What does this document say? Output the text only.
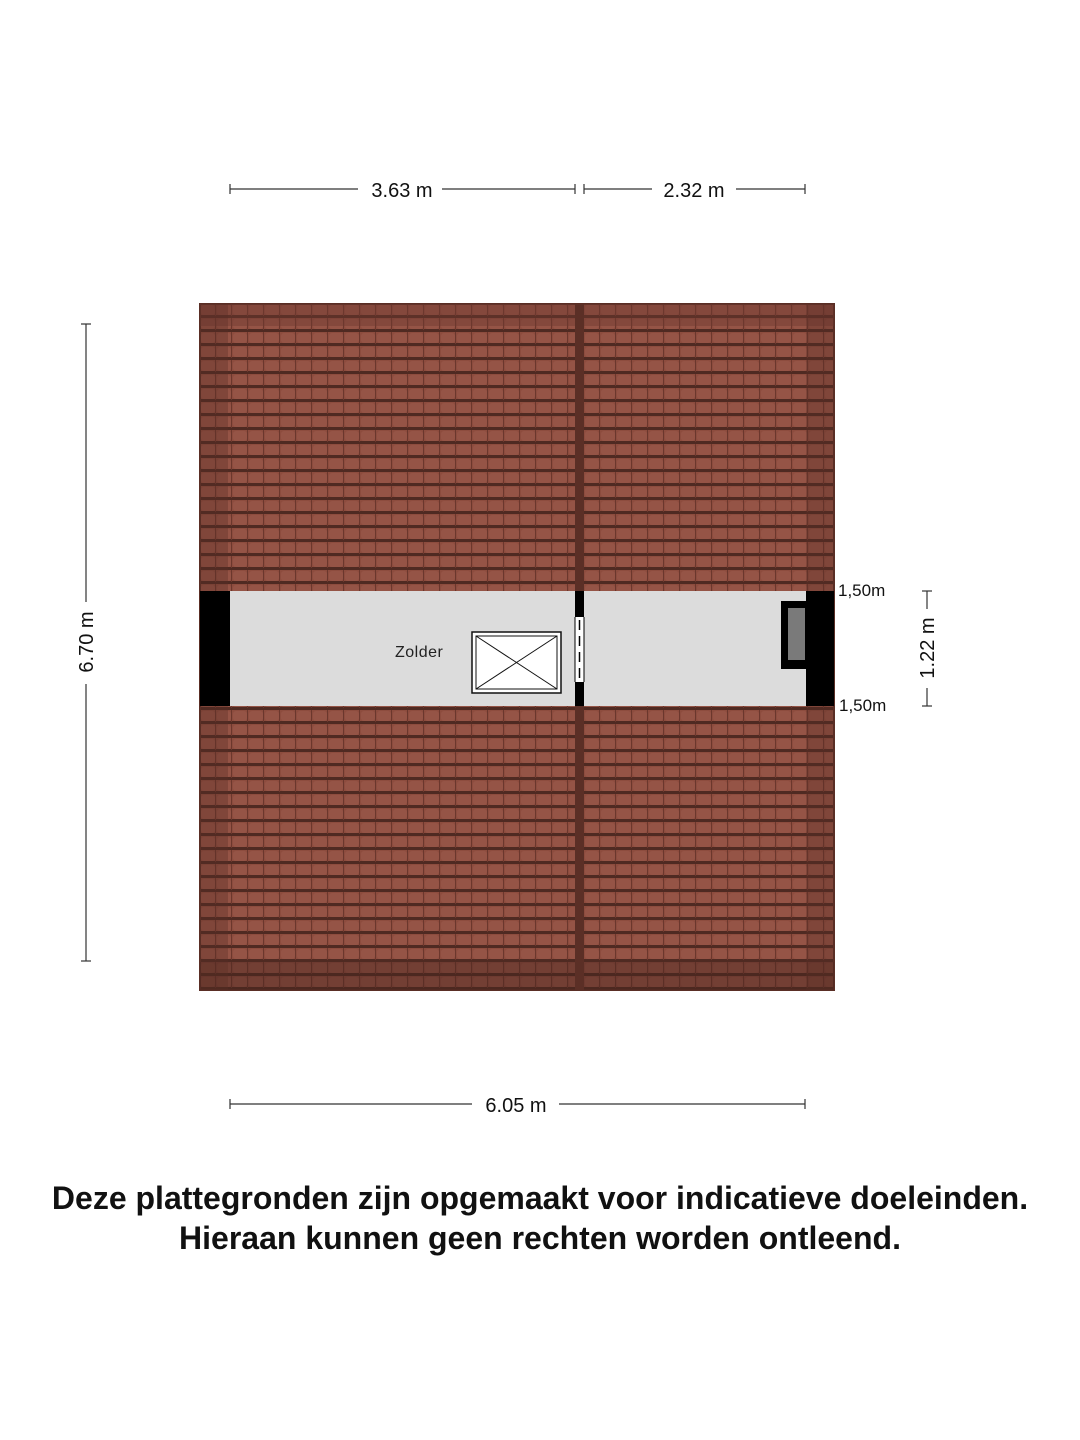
3.63 m	2.32 m
6.70 m	Zolder
1,50m
1,50m
1.22 m
6.05 m
Deze plattegronden zijn opgemaakt voor indicatieve doeleinden.
Hieraan kunnen geen rechten worden ontleend.
